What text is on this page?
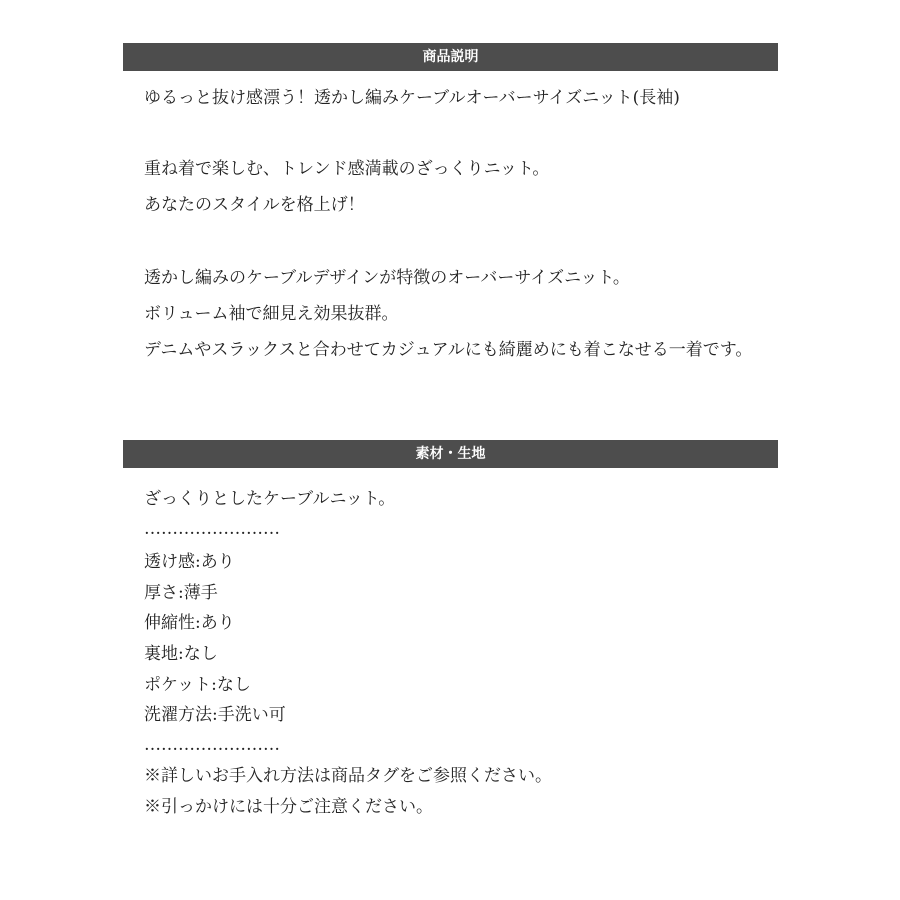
商品説明
ゆるっと抜け感漂う！透かし編みケーブルオーバーサイズニット(長袖)
重ね着で楽しむ、トレンド感満載のざっくりニット。
あなたのスタイルを格上げ！
透かし編みのケーブルデザインが特徴のオーバーサイズニット。
ボリューム袖で細見え効果抜群。
デニムやスラックスと合わせてカジュアルにも綺麗めにも着こなせる一着です。
素材・生地
ざっくりとしたケーブルニット。
……………………
透け感:あり
厚さ:薄手
伸縮性:あり
裏地:なし
ポケット:なし
洗濯方法:手洗い可
……………………
※詳しいお手入れ方法は商品タグをご参照ください。
※引っかけには十分ご注意ください。
